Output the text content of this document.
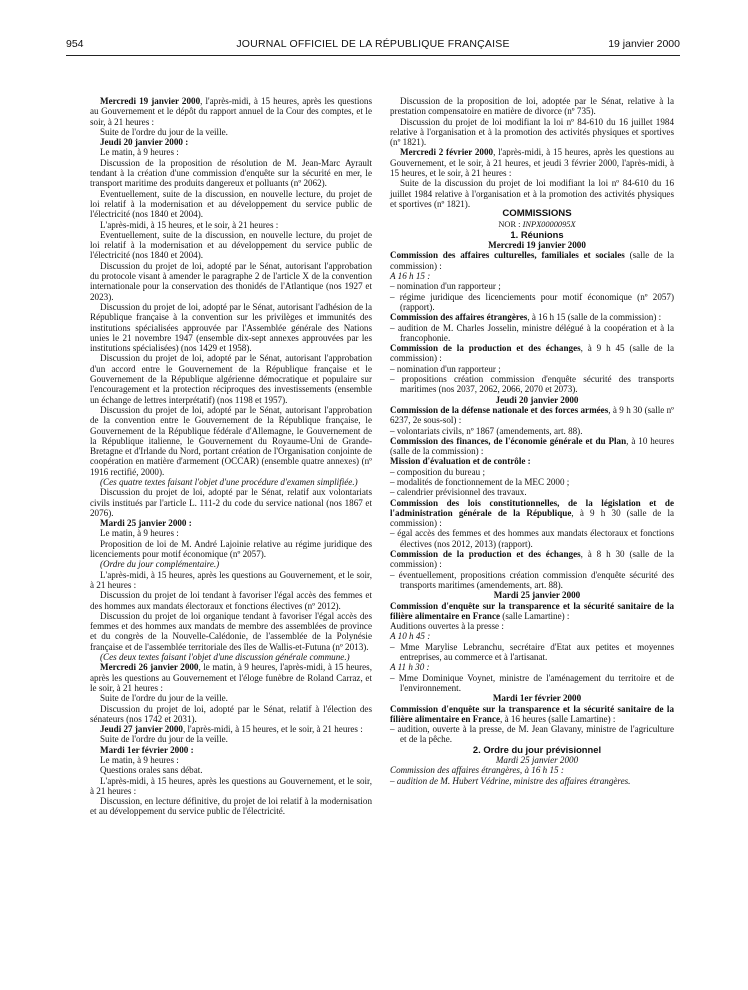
954	JOURNAL OFFICIEL DE LA RÉPUBLIQUE FRANÇAISE	19 janvier 2000

Mercredi 19 janvier 2000, l'après-midi, à 15 heures, après les questions au Gouvernement et le dépôt du rapport annuel de la Cour des comptes, et le soir, à 21 heures :

Suite de l'ordre du jour de la veille.

Jeudi 20 janvier 2000 :

Le matin, à 9 heures :

Discussion de la proposition de résolution de M. Jean-Marc Ayrault tendant à la création d'une commission d'enquête sur la sécurité en mer, le transport maritime des produits dangereux et polluants (nº 2062).

Eventuellement, suite de la discussion, en nouvelle lecture, du projet de loi relatif à la modernisation et au développement du service public de l'électricité (nos 1840 et 2004).

L'après-midi, à 15 heures, et le soir, à 21 heures :

Eventuellement, suite de la discussion, en nouvelle lecture, du projet de loi relatif à la modernisation et au développement du service public de l'électricité (nos 1840 et 2004).

Discussion du projet de loi, adopté par le Sénat, autorisant l'approbation du protocole visant à amender le paragraphe 2 de l'article X de la convention internationale pour la conservation des thonidés de l'Atlantique (nos 1927 et 2023).

Discussion du projet de loi, adopté par le Sénat, autorisant l'adhésion de la République française à la convention sur les privilèges et immunités des institutions spécialisées approuvée par l'Assemblée générale des Nations unies le 21 novembre 1947 (ensemble dix-sept annexes approuvées par les institutions spécialisées) (nos 1429 et 1958).

Discussion du projet de loi, adopté par le Sénat, autorisant l'approbation d'un accord entre le Gouvernement de la République française et le Gouvernement de la République algérienne démocratique et populaire sur l'encouragement et la protection réciproques des investissements (ensemble un échange de lettres interprétatif) (nos 1198 et 1957).

Discussion du projet de loi, adopté par le Sénat, autorisant l'approbation de la convention entre le Gouvernement de la République française, le Gouvernement de la République fédérale d'Allemagne, le Gouvernement de la République italienne, le Gouvernement du Royaume-Uni de Grande-Bretagne et d'Irlande du Nord, portant création de l'Organisation conjointe de coopération en matière d'armement (OCCAR) (ensemble quatre annexes) (nº 1916 rectifié, 2000).

(Ces quatre textes faisant l'objet d'une procédure d'examen simplifiée.)

Discussion du projet de loi, adopté par le Sénat, relatif aux volontariats civils institués par l'article L. 111-2 du code du service national (nos 1867 et 2076).

Mardi 25 janvier 2000 :

Le matin, à 9 heures :

Proposition de loi de M. André Lajoinie relative au régime juridique des licenciements pour motif économique (nº 2057).

(Ordre du jour complémentaire.)

L'après-midi, à 15 heures, après les questions au Gouvernement, et le soir, à 21 heures :

Discussion du projet de loi tendant à favoriser l'égal accès des femmes et des hommes aux mandats électoraux et fonctions électives (nº 2012).

Discussion du projet de loi organique tendant à favoriser l'égal accès des femmes et des hommes aux mandats de membre des assemblées de province et du congrès de la Nouvelle-Calédonie, de l'assemblée de la Polynésie française et de l'assemblée territoriale des îles de Wallis-et-Futuna (nº 2013).

(Ces deux textes faisant l'objet d'une discussion générale commune.)

Mercredi 26 janvier 2000, le matin, à 9 heures, l'après-midi, à 15 heures, après les questions au Gouvernement et l'éloge funèbre de Roland Carraz, et le soir, à 21 heures :

Suite de l'ordre du jour de la veille.

Discussion du projet de loi, adopté par le Sénat, relatif à l'élection des sénateurs (nos 1742 et 2031).

Jeudi 27 janvier 2000, l'après-midi, à 15 heures, et le soir, à 21 heures :

Suite de l'ordre du jour de la veille.

Mardi 1er février 2000 :

Le matin, à 9 heures :

Questions orales sans débat.

L'après-midi, à 15 heures, après les questions au Gouvernement, et le soir, à 21 heures :

Discussion, en lecture définitive, du projet de loi relatif à la modernisation et au développement du service public de l'électricité.

Discussion de la proposition de loi, adoptée par le Sénat, relative à la prestation compensatoire en matière de divorce (nº 735).

Discussion du projet de loi modifiant la loi nº 84-610 du 16 juillet 1984 relative à l'organisation et à la promotion des activités physiques et sportives (nº 1821).

Mercredi 2 février 2000, l'après-midi, à 15 heures, après les questions au Gouvernement, et le soir, à 21 heures, et jeudi 3 février 2000, l'après-midi, à 15 heures, et le soir, à 21 heures :

Suite de la discussion du projet de loi modifiant la loi nº 84-610 du 16 juillet 1984 relative à l'organisation et à la promotion des activités physiques et sportives (nº 1821).

COMMISSIONS

NOR : INPX0000095X

1. Réunions

Mercredi 19 janvier 2000

Commission des affaires culturelles, familiales et sociales (salle de la commission) :

A 16 h 15 :

– nomination d'un rapporteur ;

– régime juridique des licenciements pour motif économique (nº 2057) (rapport).

Commission des affaires étrangères, à 16 h 15 (salle de la commission) :

– audition de M. Charles Josselin, ministre délégué à la coopération et à la francophonie.

Commission de la production et des échanges, à 9 h 45 (salle de la commission) :

– nomination d'un rapporteur ;

– propositions création commission d'enquête sécurité des transports maritimes (nos 2037, 2062, 2066, 2070 et 2073).

Jeudi 20 janvier 2000

Commission de la défense nationale et des forces armées, à 9 h 30 (salle nº 6237, 2e sous-sol) :

– volontariats civils, nº 1867 (amendements, art. 88).

Commission des finances, de l'économie générale et du Plan, à 10 heures (salle de la commission) :

Mission d'évaluation et de contrôle :

– composition du bureau ;

– modalités de fonctionnement de la MEC 2000 ;

– calendrier prévisionnel des travaux.

Commission des lois constitutionnelles, de la législation et de l'administration générale de la République, à 9 h 30 (salle de la commission) :

– égal accès des femmes et des hommes aux mandats électoraux et fonctions électives (nos 2012, 2013) (rapport).

Commission de la production et des échanges, à 8 h 30 (salle de la commission) :

– éventuellement, propositions création commission d'enquête sécurité des transports maritimes (amendements, art. 88).

Mardi 25 janvier 2000

Commission d'enquête sur la transparence et la sécurité sanitaire de la filière alimentaire en France (salle Lamartine) :

Auditions ouvertes à la presse :

A 10 h 45 :

– Mme Marylise Lebranchu, secrétaire d'Etat aux petites et moyennes entreprises, au commerce et à l'artisanat.

A 11 h 30 :

– Mme Dominique Voynet, ministre de l'aménagement du territoire et de l'environnement.

Mardi 1er février 2000

Commission d'enquête sur la transparence et la sécurité sanitaire de la filière alimentaire en France, à 16 heures (salle Lamartine) :

– audition, ouverte à la presse, de M. Jean Glavany, ministre de l'agriculture et de la pêche.

2. Ordre du jour prévisionnel

Mardi 25 janvier 2000

Commission des affaires étrangères, à 16 h 15 :

– audition de M. Hubert Védrine, ministre des affaires étrangères.
